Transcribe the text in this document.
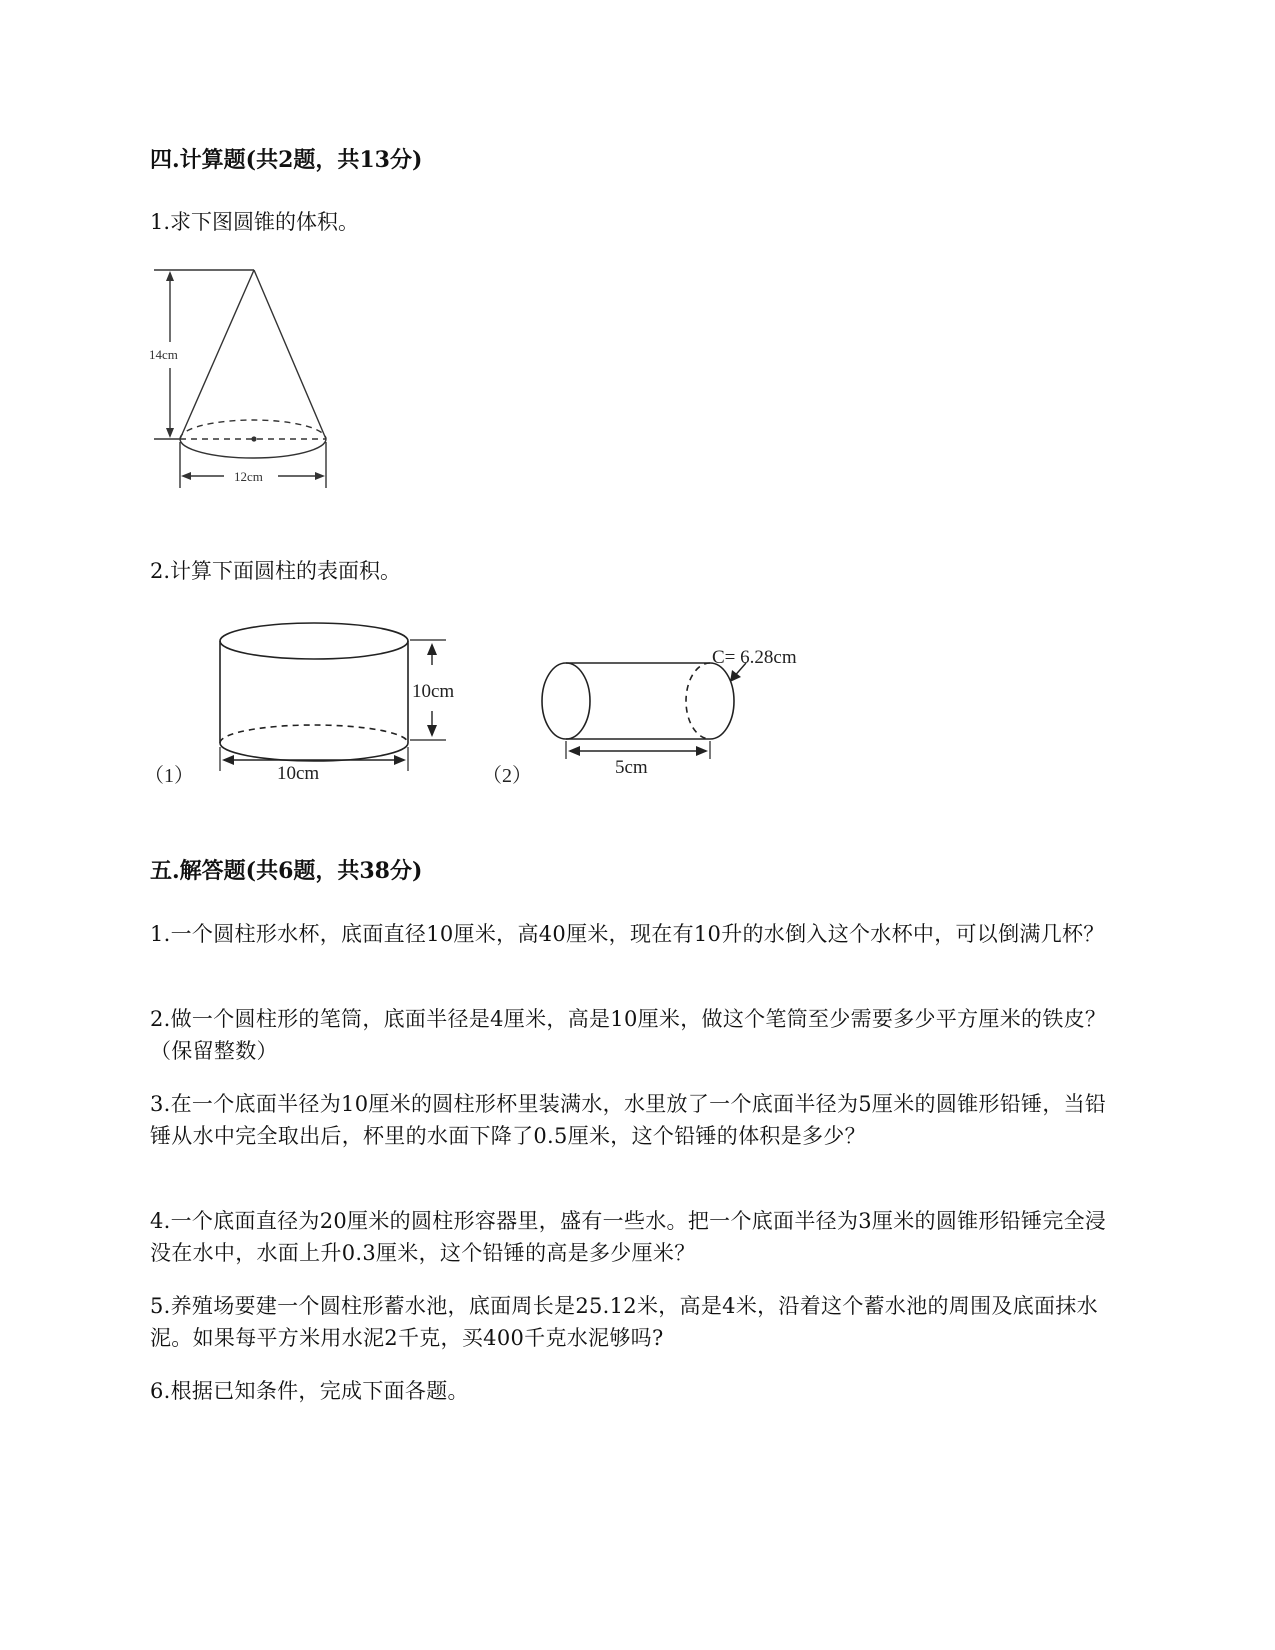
四.计算题(共2题，共13分)

1.求下图圆锥的体积。

14cm
12cm

2.计算下面圆柱的表面积。

10cm
10cm
（1）
C= 6.28cm
5cm
（2）
五.解答题(共6题，共38分)

1.一个圆柱形水杯，底面直径10厘米，高40厘米，现在有10升的水倒入这个水杯中，可以倒满几杯？

2.做一个圆柱形的笔筒，底面半径是4厘米，高是10厘米，做这个笔筒至少需要多少平方厘米的铁皮？（保留整数）

3.在一个底面半径为10厘米的圆柱形杯里装满水，水里放了一个底面半径为5厘米的圆锥形铅锤，当铅锤从水中完全取出后，杯里的水面下降了0.5厘米，这个铅锤的体积是多少？

4.一个底面直径为20厘米的圆柱形容器里，盛有一些水。把一个底面半径为3厘米的圆锥形铅锤完全浸没在水中，水面上升0.3厘米，这个铅锤的高是多少厘米？

5.养殖场要建一个圆柱形蓄水池，底面周长是25.12米，高是4米，沿着这个蓄水池的周围及底面抹水泥。如果每平方米用水泥2千克，买400千克水泥够吗?

6.根据已知条件，完成下面各题。
